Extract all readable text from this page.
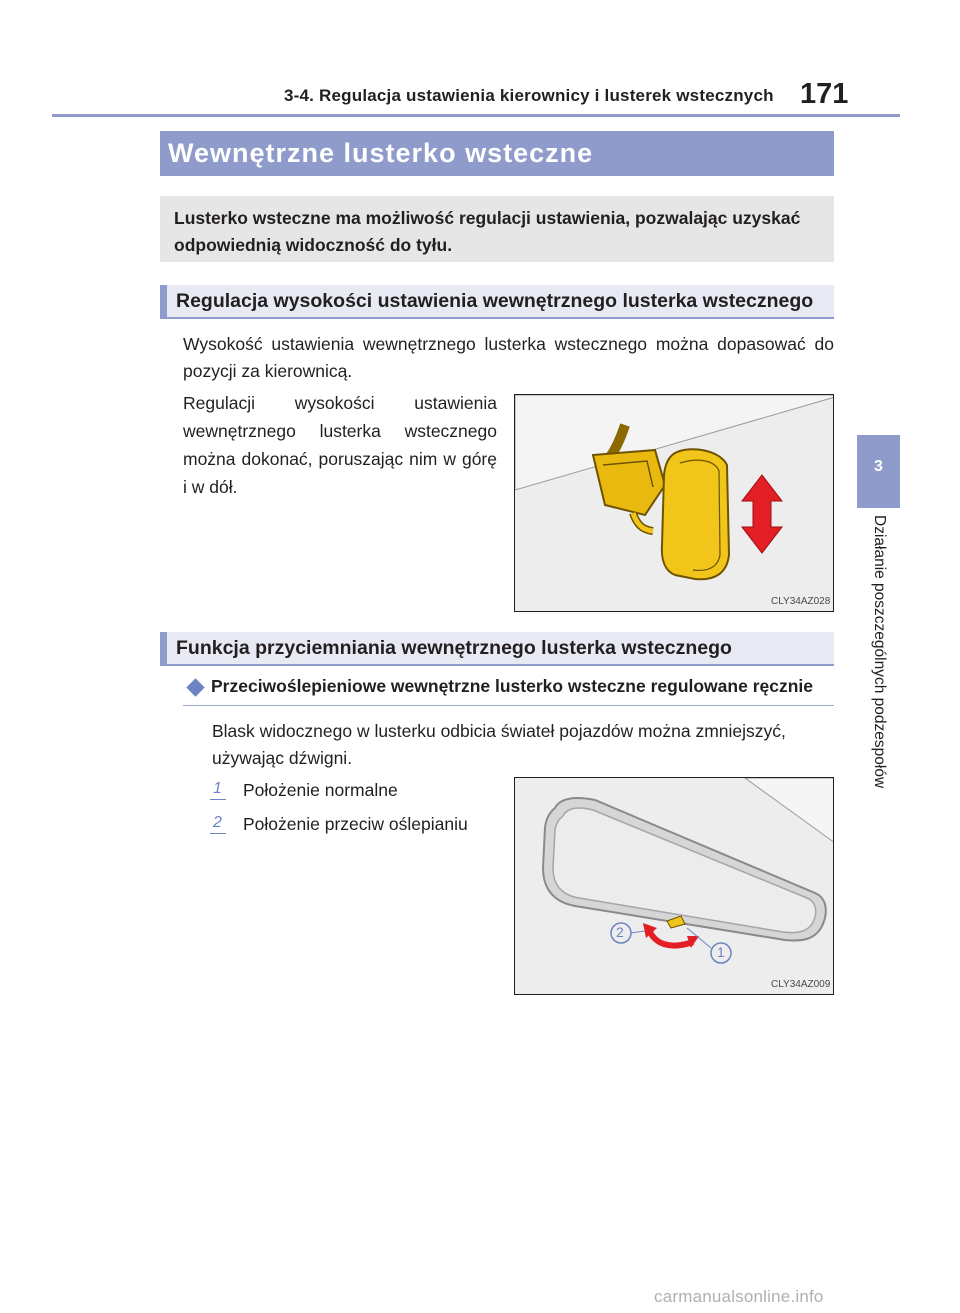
3-4. Regulacja ustawienia kierownicy i lusterek wstecznych 171
3
Działanie poszczególnych podzespołów
Wewnętrzne lusterko wsteczne

Lusterko wsteczne ma możliwość regulacji ustawienia, pozwalając uzyskać odpowiednią widoczność do tyłu.

Regulacja wysokości ustawienia wewnętrznego lusterka wstecznego
Wysokość ustawienia wewnętrznego lusterka wstecznego można dopasować do pozycji za kierownicą.
Regulacji wysokości ustawienia wewnętrznego lusterka wstecznego można dokonać, poruszając nim w górę i w dół.
CLY34AZ028
Funkcja przyciemniania wewnętrznego lusterka wstecznego
Przeciwoślepieniowe wewnętrzne lusterko wsteczne regulowane ręcznie
Blask widocznego w lusterku odbicia świateł pojazdów można zmniejszyć, używając dźwigni.
1 Położenie normalne
2 Położenie przeciw oślepianiu
2
1
CLY34AZ009
carmanualsonline.info
